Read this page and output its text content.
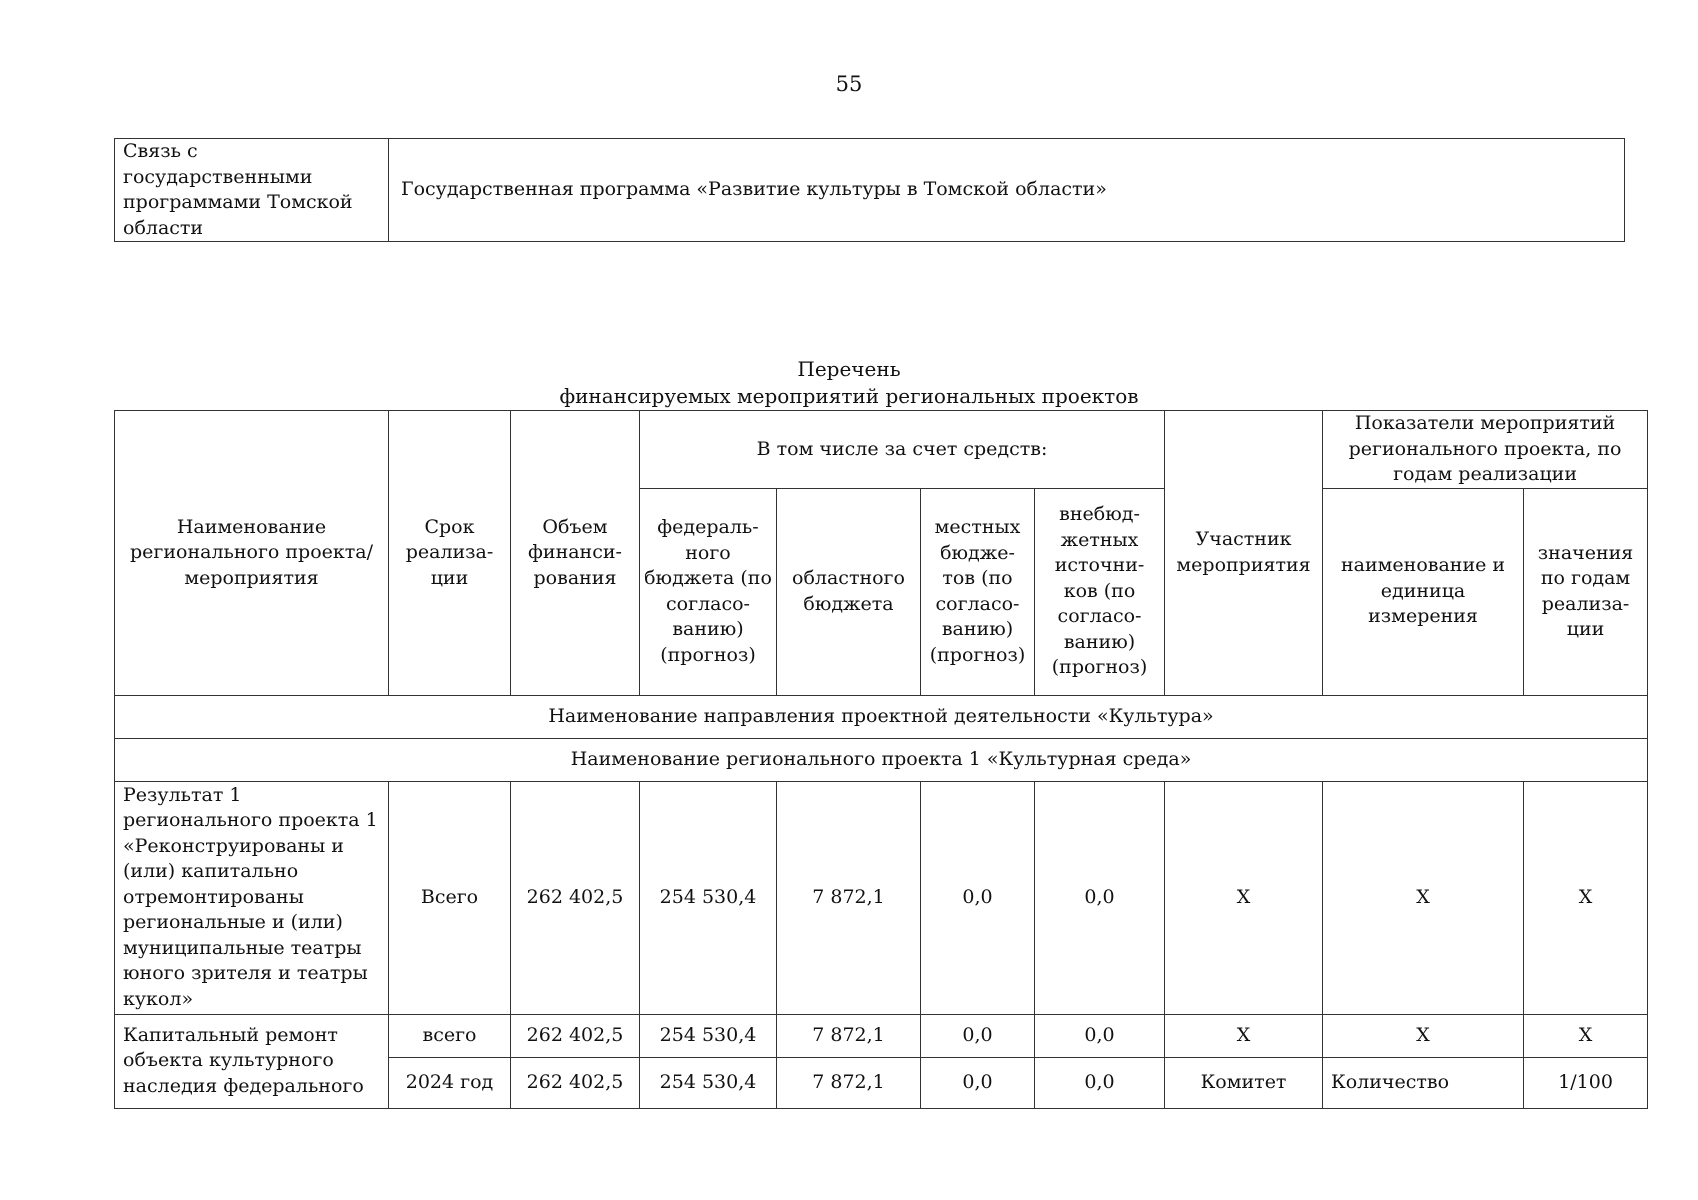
55
Связь с государственными программами Томской области	Государственная программа «Развитие культуры в Томской области»
Перечень
финансируемых мероприятий региональных проектов
Наименование регионального проекта/ мероприятия	Срок реализа-ции	Объем финанси-рования	В том числе за счет средств:				Участник мероприятия	Показатели мероприятий регионального проекта, по годам реализации	
			федераль-ного бюджета (по согласо-ванию) (прогноз)	областного бюджета	местных бюдже-тов (по согласо-ванию) (прогноз)	внебюд-жетных источни-ков (по согласо-ванию) (прогноз)		наименование и единица измерения	значения по годам реализа-ции
Наименование направления проектной деятельности «Культура»									
Наименование регионального проекта 1 «Культурная среда»									
Результат 1 регионального проекта 1 «Реконструированы и (или) капитально отремонтированы региональные и (или) муниципальные театры юного зрителя и театры кукол»	Всего	262 402,5	254 530,4	7 872,1	0,0	0,0	Х	Х	Х
Капитальный ремонт объекта культурного наследия федерального	всего	262 402,5	254 530,4	7 872,1	0,0	0,0	Х	Х	Х
	2024 год	262 402,5	254 530,4	7 872,1	0,0	0,0	Комитет	Количество	1/100
